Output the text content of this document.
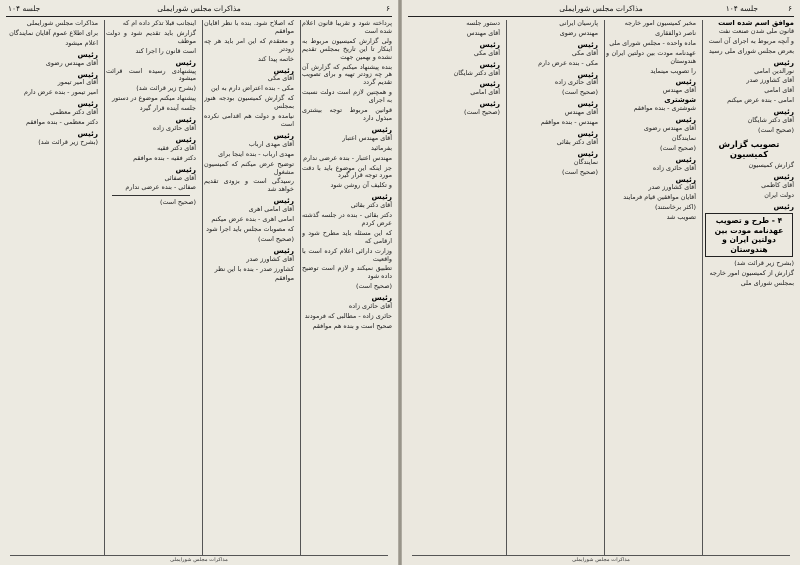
۶
مذاکرات مجلس شورایملی
جلسه ۱۰۴
پرداخته شود و تقریباً قانون اعلام شده است
ولی گزارش کمیسیون مربوط به اینکار تا این تاریخ بمجلس تقدیم نشده و بهمین جهت
بنده پیشنهاد میکنم که گزارش آن هر چه زودتر تهیه و برای تصویب تقدیم گردد
و همچنین لازم است دولت نسبت به اجرای
قوانین مربوط توجه بیشتری مبذول دارد
رئیس
آقای مهندس اعتبار
بفرمائید
مهندس اعتبار - بنده عرضی ندارم
جز اینکه این موضوع باید با دقت مورد توجه قرار گیرد
و تکلیف آن روشن شود
رئیس
آقای دکتر بقائی
دکتر بقائی - بنده در جلسه گذشته عرض کردم
که این مسئله باید مطرح شود و ارقامی که
وزارت دارائی اعلام کرده است با واقعیت
تطبیق نمیکند و لازم است توضیح داده شود
(صحیح است)
رئیس
آقای حائری زاده
حائری زاده - مطالبی که فرمودند
صحیح است و بنده هم موافقم
که اصلاح شود. بنده با نظر آقایان موافقم
و معتقدم که این امر باید هر چه زودتر
خاتمه پیدا کند
رئیس
آقای مکی
مکی - بنده اعتراض دارم به این
که گزارش کمیسیون بودجه هنوز بمجلس
نیامده و دولت هم اقدامی نکرده است
رئیس
آقای مهدی ارباب
مهدی ارباب - بنده اینجا برای
توضیح عرض میکنم که کمیسیون مشغول
رسیدگی است و بزودی تقدیم خواهد شد
رئیس
آقای امامی اهری
امامی اهری - بنده عرض میکنم
که مصوبات مجلس باید اجرا شود
(صحیح است)
رئیس
آقای کشاورز صدر
کشاورز صدر - بنده با این نظر
موافقم
اینجانب قبلاً تذکر داده ام که
گزارش باید تقدیم شود و دولت موظف
است قانون را اجرا کند
رئیس
پیشنهادی رسیده است قرائت میشود
(بشرح زیر قرائت شد)
پیشنهاد میکنم موضوع در دستور
جلسه آینده قرار گیرد
رئیس
آقای حائری زاده
رئیس
آقای دکتر فقیه
دکتر فقیه - بنده موافقم
رئیس
آقای صفائی
صفائی - بنده عرضی ندارم
(صحیح است)
مذاکرات مجلس شورایملی
برای اطلاع عموم آقایان نمایندگان
اعلام میشود
رئیس
آقای مهندس رضوی
رئیس
آقای امیر تیمور
امیر تیمور - بنده عرض دارم
رئیس
آقای دکتر معظمی
دکتر معظمی - بنده موافقم
رئیس
(بشرح زیر قرائت شد)
مذاکرات مجلس شورایملی
۶
جلسه ۱۰۴
مذاکرات مجلس شورایملی
موافق اسم شده است
قانون ملی شدن صنعت نفت
و آنچه مربوط به اجرای آن است
بعرض مجلس شورای ملی رسید
رئیس
نورالدین امامی
آقای کشاورز صدر
آقای امامی
امامی - بنده عرض میکنم
رئیس
آقای دکتر شایگان
(صحیح است)
تصویب گزارش کمیسیون
گزارش کمیسیون
رئیس
آقای کاظمی
دولت ایران
رئیس
۴ - طرح و تصویب عهدنامه مودت بین دولتین ایران و هندوستان
(بشرح زیر قرائت شد)
گزارش از کمیسیون امور خارجه
بمجلس شورای ملی
مخبر کمیسیون امور خارجه
ناصر ذوالفقاری
ماده واحده - مجلس شورای ملی
عهدنامه مودت بین دولتین ایران و هندوستان
را تصویب مینماید
رئیس
آقای مهندس
شوشتری
شوشتری - بنده موافقم
رئیس
آقای مهندس رضوی
نمایندگان
(صحیح است)
رئیس
آقای حائری زاده
رئیس
آقای کشاورز صدر
آقایان موافقین قیام فرمایند
(اکثر برخاستند)
تصویب شد
پارسیان ایرانی
مهندس رضوی
رئیس
آقای مکی
مکی - بنده عرض دارم
رئیس
آقای حائری زاده
(صحیح است)
رئیس
آقای مهندس
مهندس - بنده موافقم
رئیس
آقای دکتر بقائی
رئیس
نمایندگان
(صحیح است)
دستور جلسه
آقای مهندس
رئیس
آقای مکی
رئیس
آقای دکتر شایگان
رئیس
آقای امامی
رئیس
(صحیح است)
مذاکرات مجلس شورایملی
